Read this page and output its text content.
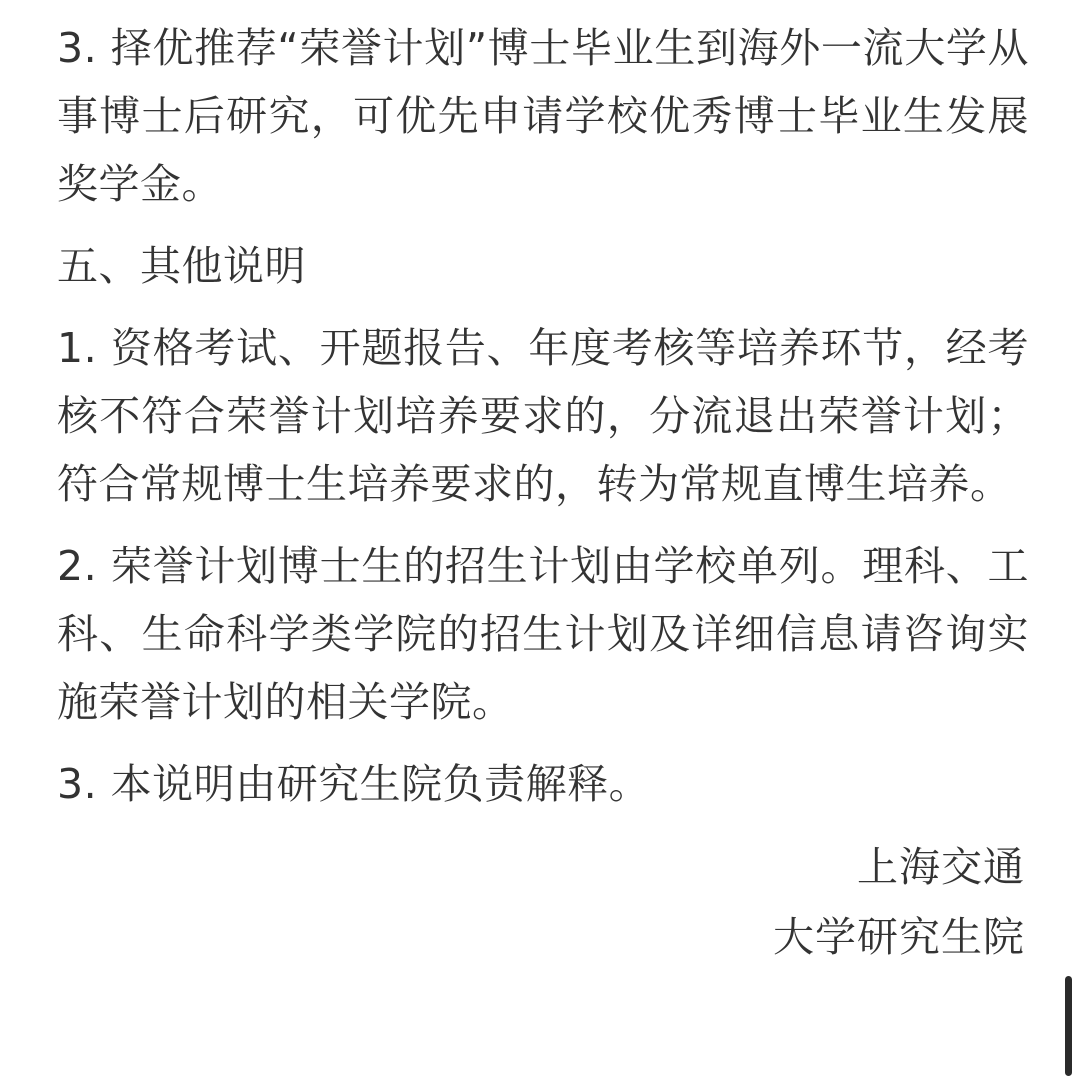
3. 择优推荐“荣誉计划”博士毕业生到海外一流大学从事博士后研究，可优先申请学校优秀博士毕业生发展奖学金。

五、其他说明

1. 资格考试、开题报告、年度考核等培养环节，经考核不符合荣誉计划培养要求的，分流退出荣誉计划；符合常规博士生培养要求的，转为常规直博生培养。

2. 荣誉计划博士生的招生计划由学校单列。理科、工科、生命科学类学院的招生计划及详细信息请咨询实施荣誉计划的相关学院。

3. 本说明由研究生院负责解释。

上海交通
大学研究生院
